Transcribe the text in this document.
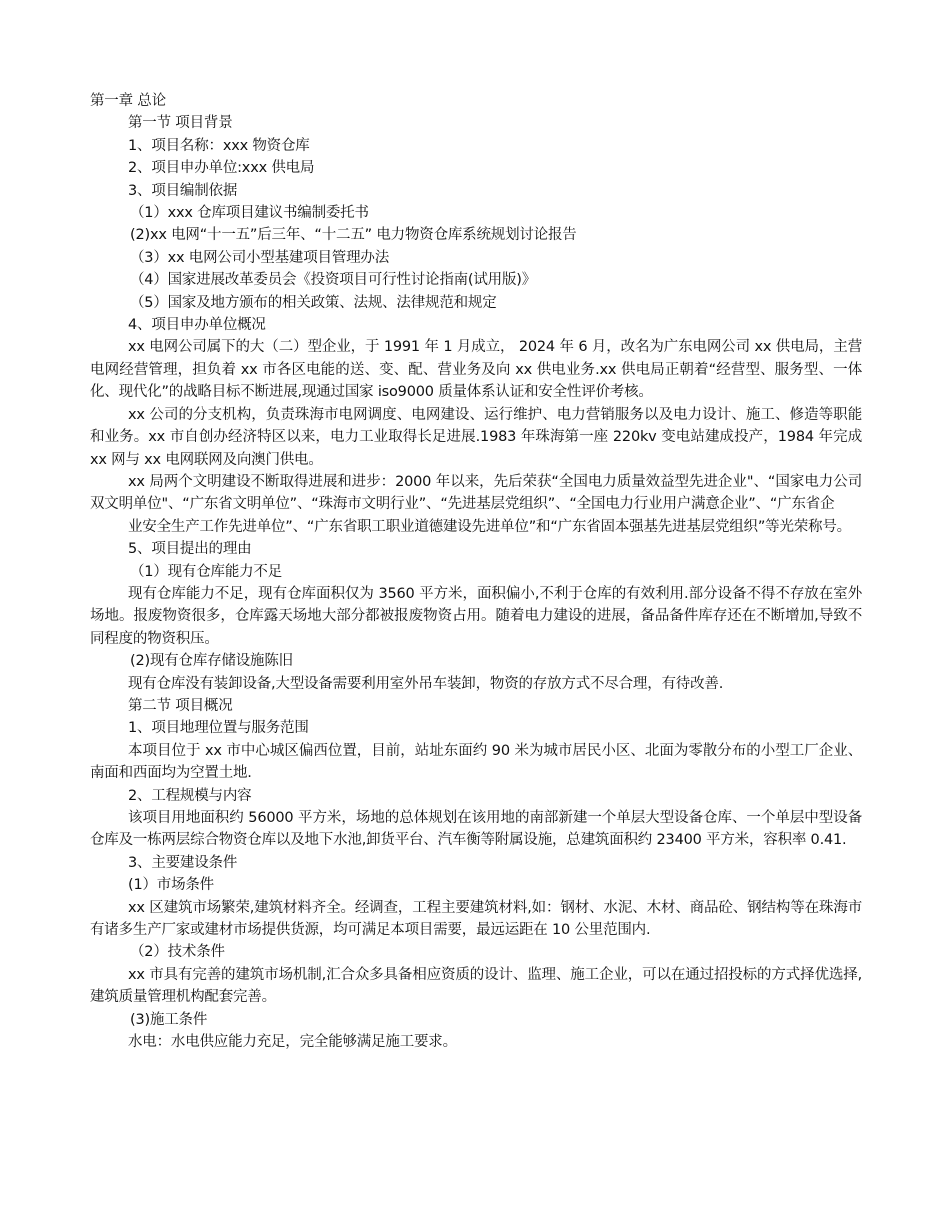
第一章 总论

第一节 项目背景

1、项目名称：xxx 物资仓库

2、项目申办单位:xxx 供电局

3、项目编制依据

（1）xxx 仓库项目建议书编制委托书

(2)xx 电网“十一五”后三年、“十二五” 电力物资仓库系统规划讨论报告

（3）xx 电网公司小型基建项目管理办法

（4）国家进展改革委员会《投资项目可行性讨论指南(试用版)》

（5）国家及地方颁布的相关政策、法规、法律规范和规定

4、项目申办单位概况

xx 电网公司属下的大（二）型企业，于 1991 年 1 月成立， 2024 年 6 月，改名为广东电网公司 xx 供电局，主营电网经营管理，担负着 xx 市各区电能的送、变、配、营业务及向 xx 供电业务.xx 供电局正朝着“经营型、服务型、一体化、现代化”的战略目标不断进展,现通过国家 iso9000 质量体系认证和安全性评价考核。

xx 公司的分支机构，负责珠海市电网调度、电网建设、运行维护、电力营销服务以及电力设计、施工、修造等职能和业务。xx 市自创办经济特区以来，电力工业取得长足进展.1983 年珠海第一座 220kv 变电站建成投产，1984 年完成 xx 网与 xx 电网联网及向澳门供电。

xx 局两个文明建设不断取得进展和进步：2000 年以来，先后荣获“全国电力质量效益型先进企业"、“国家电力公司双文明单位"、“广东省文明单位”、“珠海市文明行业”、“先进基层党组织”、“全国电力行业用户满意企业”、“广东省企

业安全生产工作先进单位”、“广东省职工职业道德建设先进单位”和“广东省固本强基先进基层党组织”等光荣称号。

5、项目提出的理由

（1）现有仓库能力不足

现有仓库能力不足，现有仓库面积仅为 3560 平方米，面积偏小,不利于仓库的有效利用.部分设备不得不存放在室外场地。报废物资很多，仓库露天场地大部分都被报废物资占用。随着电力建设的进展，备品备件库存还在不断增加,导致不同程度的物资积压。

(2)现有仓库存储设施陈旧

现有仓库没有装卸设备,大型设备需要利用室外吊车装卸，物资的存放方式不尽合理，有待改善.

第二节 项目概况

1、项目地理位置与服务范围

本项目位于 xx 市中心城区偏西位置，目前，站址东面约 90 米为城市居民小区、北面为零散分布的小型工厂企业、南面和西面均为空置土地.

2、工程规模与内容

该项目用地面积约 56000 平方米，场地的总体规划在该用地的南部新建一个单层大型设备仓库、一个单层中型设备仓库及一栋两层综合物资仓库以及地下水池,卸货平台、汽车衡等附属设施，总建筑面积约 23400 平方米，容积率 0.41.

3、主要建设条件

(1）市场条件

xx 区建筑市场繁荣,建筑材料齐全。经调查，工程主要建筑材料,如：钢材、水泥、木材、商品砼、钢结构等在珠海市有诸多生产厂家或建材市场提供货源，均可满足本项目需要，最远运距在 10 公里范围内.

（2）技术条件

xx 市具有完善的建筑市场机制,汇合众多具备相应资质的设计、监理、施工企业，可以在通过招投标的方式择优选择,建筑质量管理机构配套完善。

(3)施工条件

水电：水电供应能力充足，完全能够满足施工要求。
